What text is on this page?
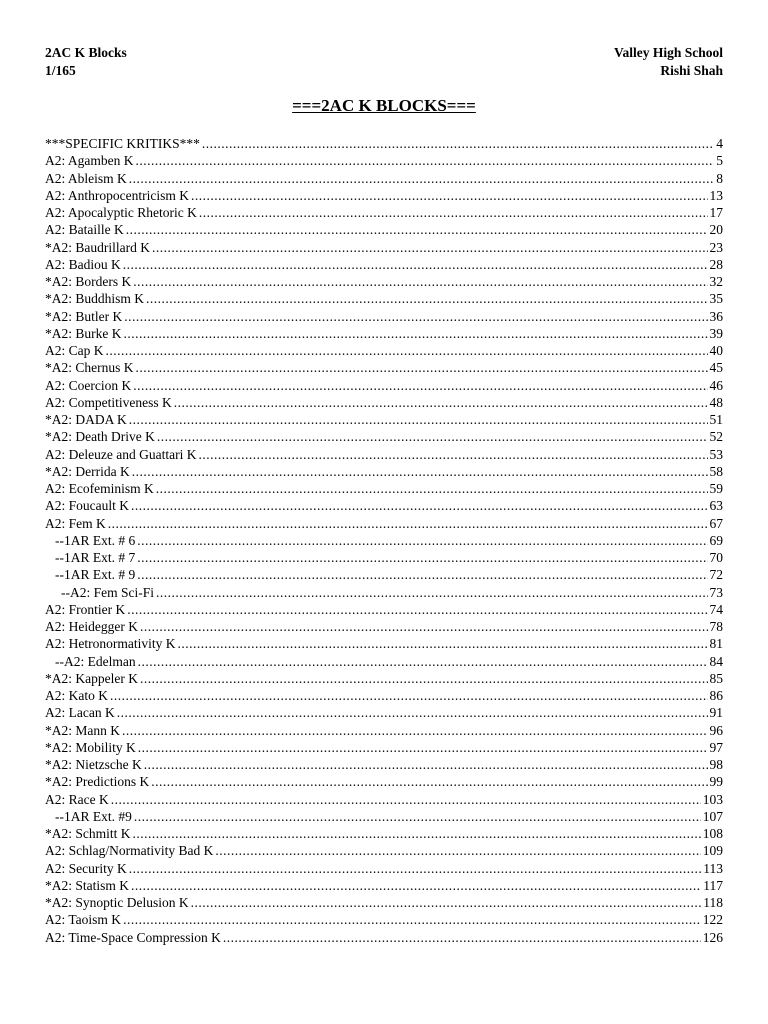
2AC K Blocks
1/165
Valley High School
Rishi Shah
===2AC K BLOCKS===
***SPECIFIC KRITIKS*** .....	4
A2: Agamben K .....	5
A2: Ableism K .....	8
A2: Anthropocentricism K .....	13
A2: Apocalyptic Rhetoric K .....	17
A2: Bataille K .....	20
*A2: Baudrillard K .....	23
A2: Badiou K .....	28
*A2: Borders K .....	32
*A2: Buddhism K .....	35
*A2: Butler K .....	36
*A2: Burke K .....	39
A2: Cap K .....	40
*A2: Chernus K .....	45
A2: Coercion K .....	46
A2: Competitiveness K .....	48
*A2: DADA K .....	51
*A2: Death Drive K .....	52
A2: Deleuze and Guattari K .....	53
*A2: Derrida K .....	58
A2: Ecofeminism K .....	59
A2: Foucault K .....	63
A2: Fem K .....	67
--1AR Ext. # 6 .....	69
--1AR Ext. # 7 .....	70
--1AR Ext. # 9 .....	72
--A2: Fem Sci-Fi .....	73
A2: Frontier K .....	74
A2: Heidegger K .....	78
A2: Hetronormativity K .....	81
--A2: Edelman .....	84
*A2: Kappeler K .....	85
A2: Kato K .....	86
A2: Lacan K .....	91
*A2: Mann K .....	96
*A2: Mobility K .....	97
*A2: Nietzsche K .....	98
*A2: Predictions K .....	99
A2: Race K .....	103
--1AR Ext. #9 .....	107
*A2: Schmitt K .....	108
A2: Schlag/Normativity Bad K .....	109
A2: Security K .....	113
*A2: Statism K .....	117
*A2: Synoptic Delusion K .....	118
A2: Taoism K .....	122
A2: Time-Space Compression K .....	126
